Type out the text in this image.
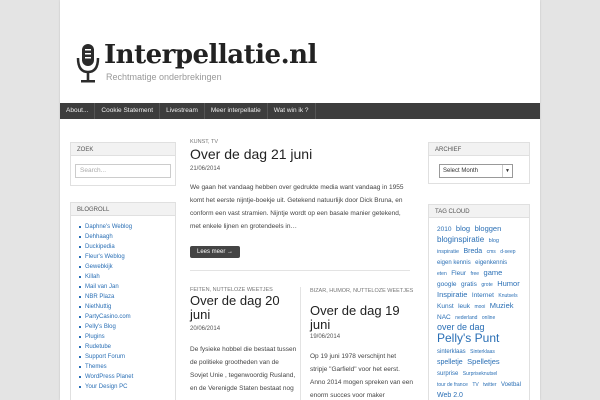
Interpellatie.nl
Rechtmatige onderbrekingen
About...	Cookie Statement	Livestream	Meer interpellatie	Wat win ik ?
ZOEK
Search...
BLOGROLL
Daphne's Weblog
Dehhaagh
Duckipedia
Fleur's Weblog
Gewebkijk
Killah
Mail van Jan
NBR Plaza
NietNuttig
PartyCasino.com
Pelly's Blog
Plugins
Rudetube
Support Forum
Themes
WordPress Planet
Your Design PC
KUNST, TV
Over de dag 21 juni
21/06/2014
We gaan het vandaag hebben over gedrukte media want vandaag in 1955 komt het eerste nijntje-boekje uit. Getekend natuurlijk door Dick Bruna, en conform een vast stramien. Nijntje wordt op een basale manier getekend, met enkele lijnen en grotendeels in…
Lees meer →
FEITEN, NUTTELOZE WEETJES
Over de dag 20 juni
20/06/2014
De fysieke hobbel die bestaat tussen de politieke grootheden van de Sovjet Unie , tegenwoordig Rusland, en de Verenigde Staten bestaat nog
BIZAR, HUMOR, NUTTELOZE WEETJES
Over de dag 19 juni
19/06/2014
Op 19 juni 1978 verschijnt het stripje "Garfield" voor het eerst. Anno 2014 mogen spreken van een enorm succes voor maker
ARCHIEF
Select Month	▼
TAG CLOUD
2010 blog bloggen bloginspiratie blog inspiratie Breda cms d-seep eigen kennis eigenkennis eten Fleur free game google gratis grote Humor Inspiratie Internet Knutsels Kunst leuk mooi Muziek NAC nederland online over de dag Pelly's Punt sinterklaas Sinterklaas spelletje Spelletjes surprise Surpriseknutsel tour de france TV twitter Voetbal Web 2.0
